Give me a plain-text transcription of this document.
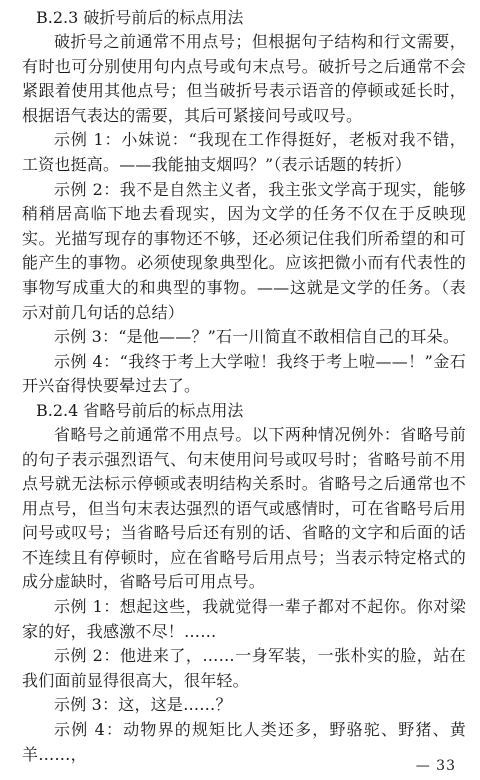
B.2.3 破折号前后的标点用法

破折号之前通常不用点号；但根据句子结构和行文需要，有时也可分别使用句内点号或句末点号。破折号之后通常不会紧跟着使用其他点号；但当破折号表示语音的停顿或延长时，根据语气表达的需要，其后可紧接问号或叹号。

示例 1：小妹说：“我现在工作得挺好，老板对我不错，工资也挺高。——我能抽支烟吗？”（表示话题的转折）

示例 2：我不是自然主义者，我主张文学高于现实，能够稍稍居高临下地去看现实，因为文学的任务不仅在于反映现实。光描写现存的事物还不够，还必须记住我们所希望的和可能产生的事物。必须使现象典型化。应该把微小而有代表性的事物写成重大的和典型的事物。——这就是文学的任务。（表示对前几句话的总结）

示例 3：“是他——？”石一川简直不敢相信自己的耳朵。

示例 4：“我终于考上大学啦！我终于考上啦——！”金石开兴奋得快要晕过去了。

B.2.4 省略号前后的标点用法

省略号之前通常不用点号。以下两种情况例外：省略号前的句子表示强烈语气、句末使用问号或叹号时；省略号前不用点号就无法标示停顿或表明结构关系时。省略号之后通常也不用点号，但当句末表达强烈的语气或感情时，可在省略号后用问号或叹号；当省略号后还有别的话、省略的文字和后面的话不连续且有停顿时，应在省略号后用点号；当表示特定格式的成分虚缺时，省略号后可用点号。

示例 1：想起这些，我就觉得一辈子都对不起你。你对梁家的好，我感激不尽！……

示例 2：他进来了，……一身军装，一张朴实的脸，站在我们面前显得很高大，很年轻。

示例 3：这，这是……？

示例 4：动物界的规矩比人类还多，野骆驼、野猪、黄羊……，

— 33
